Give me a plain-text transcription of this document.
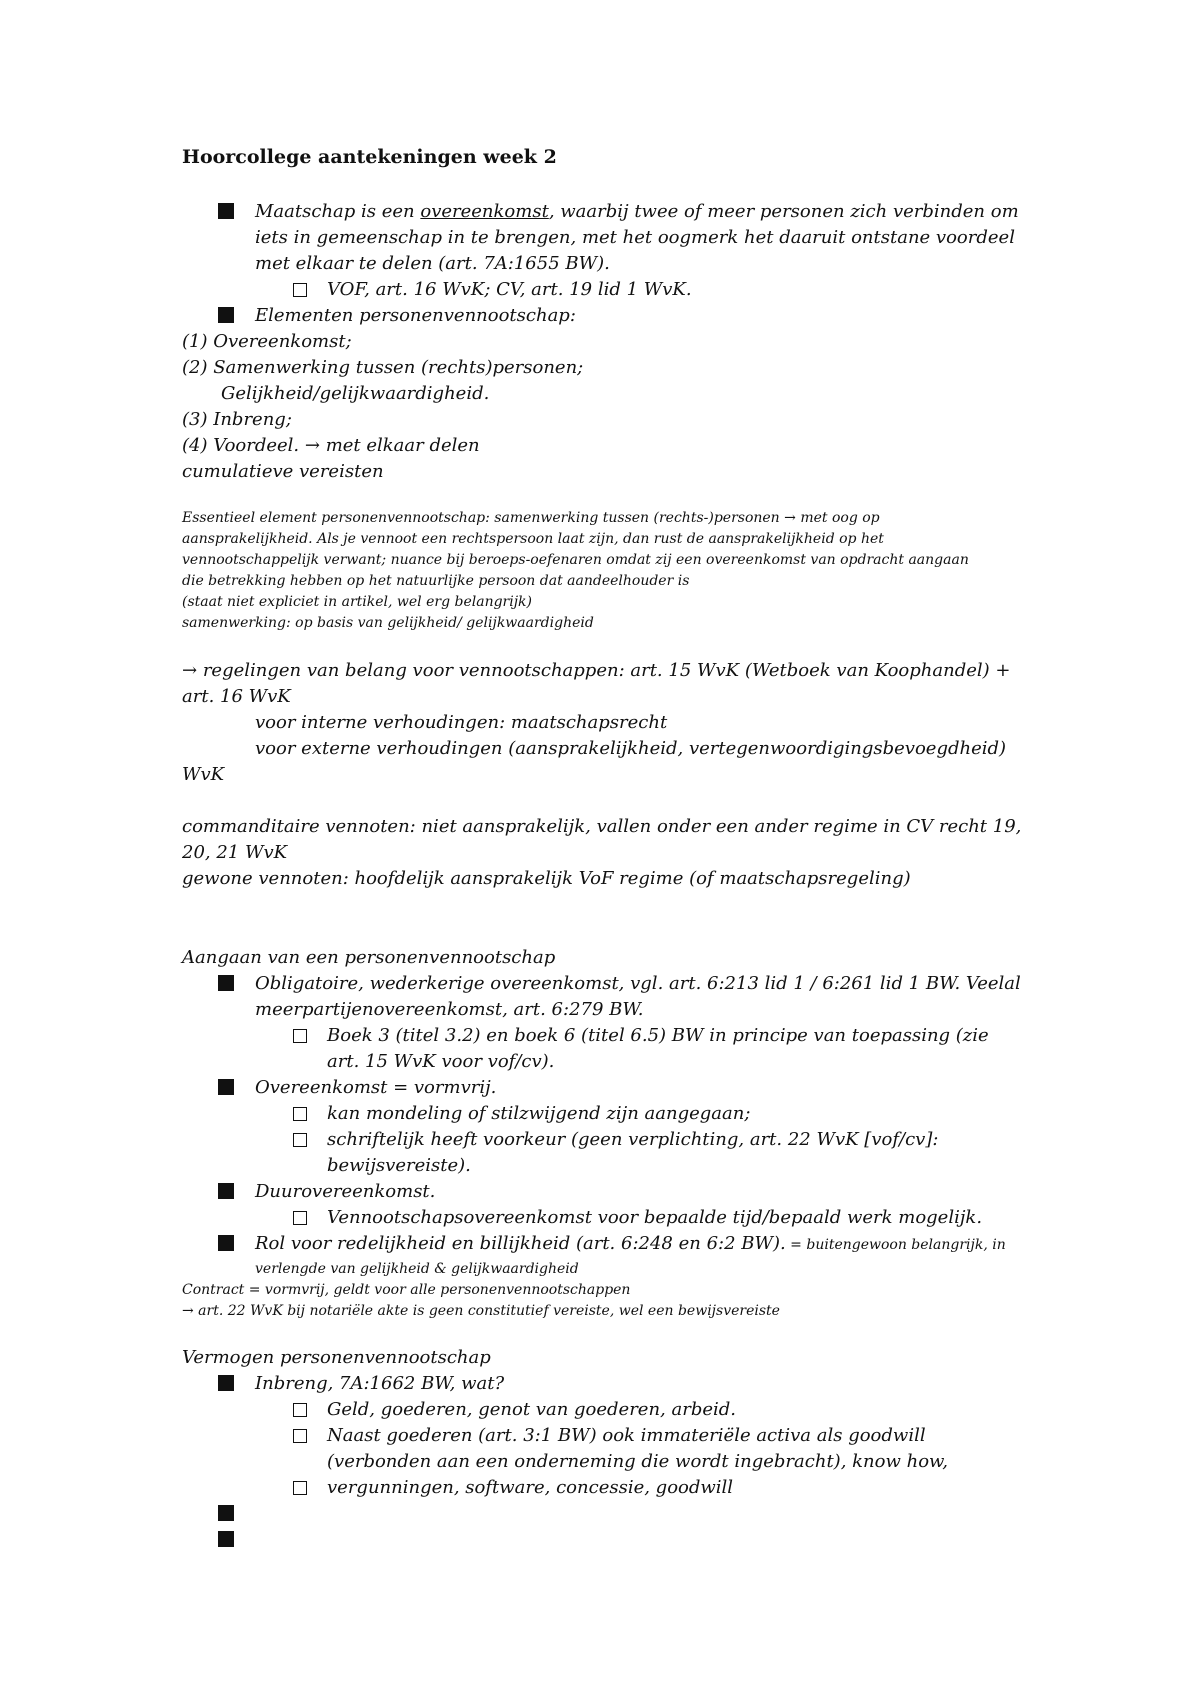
Hoorcollege aantekeningen week 2
Maatschap is een overeenkomst, waarbij twee of meer personen zich verbinden om
iets in gemeenschap in te brengen, met het oogmerk het daaruit ontstane voordeel
met elkaar te delen (art. 7A:1655 BW).
VOF, art. 16 WvK; CV, art. 19 lid 1 WvK.
Elementen personenvennootschap:
(1) Overeenkomst;
(2) Samenwerking tussen (rechts)personen;
Gelijkheid/gelijkwaardigheid.
(3) Inbreng;
(4) Voordeel. → met elkaar delen
cumulatieve vereisten
Essentieel element personenvennootschap: samenwerking tussen (rechts-)personen → met oog op
aansprakelijkheid. Als je vennoot een rechtspersoon laat zijn, dan rust de aansprakelijkheid op het
vennootschappelijk verwant; nuance bij beroeps-oefenaren omdat zij een overeenkomst van opdracht aangaan
die betrekking hebben op het natuurlijke persoon dat aandeelhouder is
(staat niet expliciet in artikel, wel erg belangrijk)
samenwerking: op basis van gelijkheid/ gelijkwaardigheid
→ regelingen van belang voor vennootschappen: art. 15 WvK (Wetboek van Koophandel) +
art. 16 WvK
voor interne verhoudingen: maatschapsrecht
voor externe verhoudingen (aansprakelijkheid, vertegenwoordigingsbevoegdheid)
WvK
commanditaire vennoten: niet aansprakelijk, vallen onder een ander regime in CV recht 19,
20, 21 WvK
gewone vennoten: hoofdelijk aansprakelijk VoF regime (of maatschapsregeling)
Aangaan van een personenvennootschap
Obligatoire, wederkerige overeenkomst, vgl. art. 6:213 lid 1 / 6:261 lid 1 BW. Veelal
meerpartijenovereenkomst, art. 6:279 BW.
Boek 3 (titel 3.2) en boek 6 (titel 6.5) BW in principe van toepassing (zie
art. 15 WvK voor vof/cv).
Overeenkomst = vormvrij.
kan mondeling of stilzwijgend zijn aangegaan;
schriftelijk heeft voorkeur (geen verplichting, art. 22 WvK [vof/cv]:
bewijsvereiste).
Duurovereenkomst.
Vennootschapsovereenkomst voor bepaalde tijd/bepaald werk mogelijk.
Rol voor redelijkheid en billijkheid (art. 6:248 en 6:2 BW). = buitengewoon belangrijk, in
verlengde van gelijkheid & gelijkwaardigheid
Contract = vormvrij, geldt voor alle personenvennootschappen
→ art. 22 WvK bij notariële akte is geen constitutief vereiste, wel een bewijsvereiste
Vermogen personenvennootschap
Inbreng, 7A:1662 BW, wat?
Geld, goederen, genot van goederen, arbeid.
Naast goederen (art. 3:1 BW) ook immateriële activa als goodwill
(verbonden aan een onderneming die wordt ingebracht), know how,
vergunningen, software, concessie, goodwill
